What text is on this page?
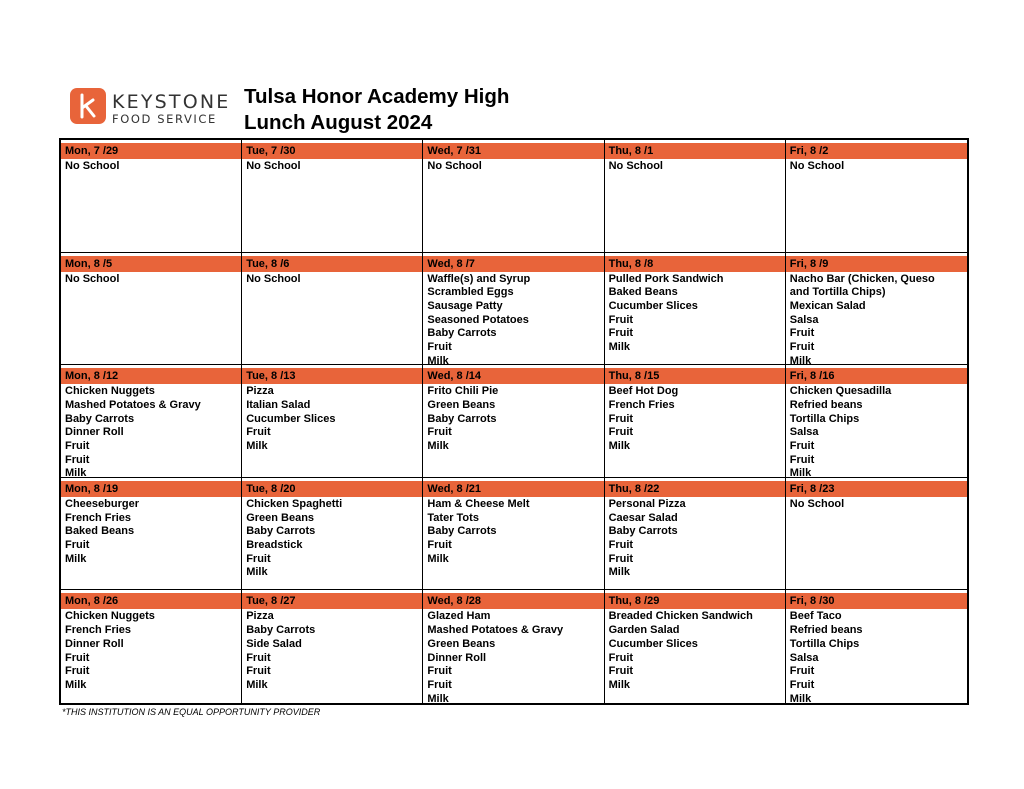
KEYSTONE
FOOD SERVICE
Tulsa Honor Academy High
Lunch August 2024
Mon, 7 /29
No School
Tue, 7 /30
No School
Wed, 7 /31
No School
Thu, 8 /1
No School
Fri, 8 /2
No School
Mon, 8 /5
No School
Tue, 8 /6
No School
Wed, 8 /7
Waffle(s) and Syrup
Scrambled Eggs
Sausage Patty
Seasoned Potatoes
Baby Carrots
Fruit
Milk
Thu, 8 /8
Pulled Pork Sandwich
Baked Beans
Cucumber Slices
Fruit
Fruit
Milk
Fri, 8 /9
Nacho Bar (Chicken, Queso
and Tortilla Chips)
Mexican Salad
Salsa
Fruit
Fruit
Milk
Mon, 8 /12
Chicken Nuggets
Mashed Potatoes & Gravy
Baby Carrots
Dinner Roll
Fruit
Fruit
Milk
Tue, 8 /13
Pizza
Italian Salad
Cucumber Slices
Fruit
Milk
Wed, 8 /14
Frito Chili Pie
Green Beans
Baby Carrots
Fruit
Milk
Thu, 8 /15
Beef Hot Dog
French Fries
Fruit
Fruit
Milk
Fri, 8 /16
Chicken Quesadilla
Refried beans
Tortilla Chips
Salsa
Fruit
Fruit
Milk
Mon, 8 /19
Cheeseburger
French Fries
Baked Beans
Fruit
Milk
Tue, 8 /20
Chicken Spaghetti
Green Beans
Baby Carrots
Breadstick
Fruit
Milk
Wed, 8 /21
Ham & Cheese Melt
Tater Tots
Baby Carrots
Fruit
Milk
Thu, 8 /22
Personal Pizza
Caesar Salad
Baby Carrots
Fruit
Fruit
Milk
Fri, 8 /23
No School
Mon, 8 /26
Chicken Nuggets
French Fries
Dinner Roll
Fruit
Fruit
Milk
Tue, 8 /27
Pizza
Baby Carrots
Side Salad
Fruit
Fruit
Milk
Wed, 8 /28
Glazed Ham
Mashed Potatoes & Gravy
Green Beans
Dinner Roll
Fruit
Fruit
Milk
Thu, 8 /29
Breaded Chicken Sandwich
Garden Salad
Cucumber Slices
Fruit
Fruit
Milk
Fri, 8 /30
Beef Taco
Refried beans
Tortilla Chips
Salsa
Fruit
Fruit
Milk
*THIS INSTITUTION IS AN EQUAL OPPORTUNITY PROVIDER
